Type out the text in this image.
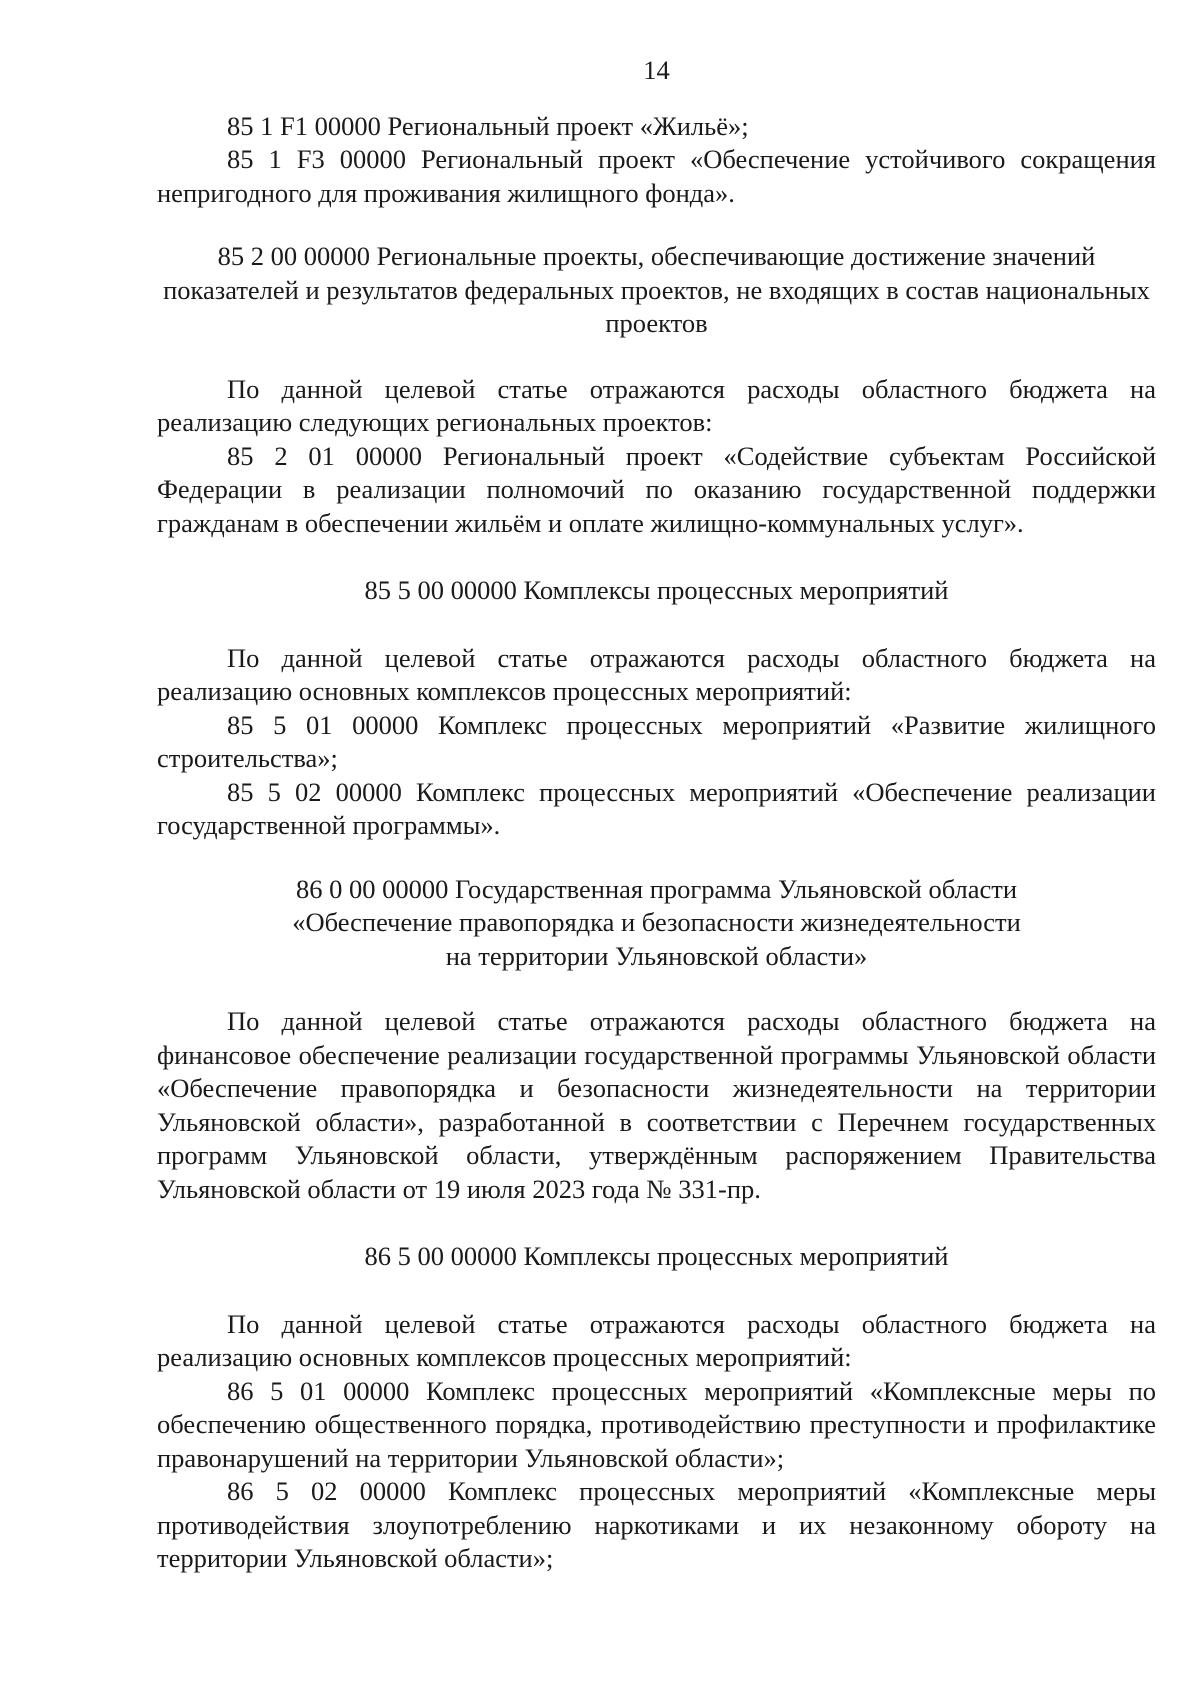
14

85 1 F1 00000 Региональный проект «Жильё»;

85 1 F3 00000 Региональный проект «Обеспечение устойчивого сокращения непригодного для проживания жилищного фонда».

85 2 00 00000 Региональные проекты, обеспечивающие достижение значений показателей и результатов федеральных проектов, не входящих в состав национальных проектов

По данной целевой статье отражаются расходы областного бюджета на реализацию следующих региональных проектов:

85 2 01 00000 Региональный проект «Содействие субъектам Российской Федерации в реализации полномочий по оказанию государственной поддержки гражданам в обеспечении жильём и оплате жилищно-коммунальных услуг».

85 5 00 00000 Комплексы процессных мероприятий

По данной целевой статье отражаются расходы областного бюджета на реализацию основных комплексов процессных мероприятий:

85 5 01 00000 Комплекс процессных мероприятий «Развитие жилищного строительства»;

85 5 02 00000 Комплекс процессных мероприятий «Обеспечение реализации государственной программы».

86 0 00 00000 Государственная программа Ульяновской области
«Обеспечение правопорядка и безопасности жизнедеятельности
на территории Ульяновской области»

По данной целевой статье отражаются расходы областного бюджета на финансовое обеспечение реализации государственной программы Ульяновской области «Обеспечение правопорядка и безопасности жизнедеятельности на территории Ульяновской области», разработанной в соответствии с Перечнем государственных программ Ульяновской области, утверждённым распоряжением Правительства Ульяновской области от 19 июля 2023 года № 331-пр.

86 5 00 00000 Комплексы процессных мероприятий

По данной целевой статье отражаются расходы областного бюджета на реализацию основных комплексов процессных мероприятий:

86 5 01 00000 Комплекс процессных мероприятий «Комплексные меры по обеспечению общественного порядка, противодействию преступности и профилактике правонарушений на территории Ульяновской области»;

86 5 02 00000 Комплекс процессных мероприятий «Комплексные меры противодействия злоупотреблению наркотиками и их незаконному обороту на территории Ульяновской области»;
